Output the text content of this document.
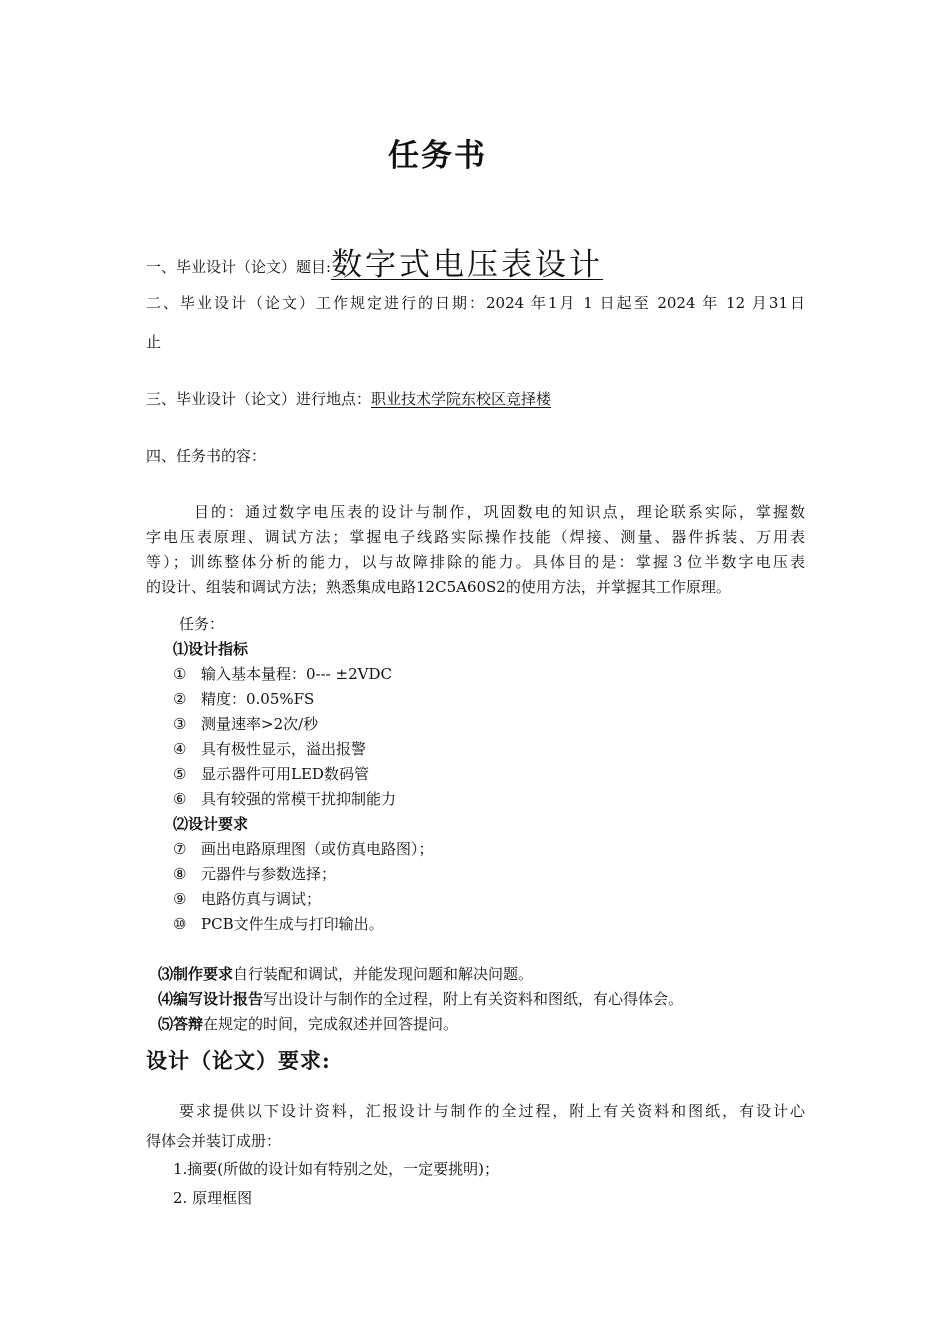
任务书
一、毕业设计（论文）题目:数字式电压表设计
二、毕业设计（论文）工作规定进行的日期：2024 年1月 1 日起至 2024 年 12 月31日
止
三、毕业设计（论文）进行地点：职业技术学院东校区竞择楼
四、任务书的容：
目的：通过数字电压表的设计与制作，巩固数电的知识点，理论联系实际，掌握数
字电压表原理、调试方法；掌握电子线路实际操作技能（焊接、测量、器件拆装、万用表
等）；训练整体分析的能力，以与故障排除的能力。具体目的是：掌握３位半数字电压表
的设计、组装和调试方法；熟悉集成电路12C5A60S2的使用方法，并掌握其工作原理。
任务：
⑴设计指标
① 输入基本量程：0--- ±2VDC
② 精度：0.05%FS
③ 测量速率>2次/秒
④ 具有极性显示，溢出报警
⑤ 显示器件可用LED数码管
⑥ 具有较强的常模干扰抑制能力
⑵设计要求
⑦ 画出电路原理图（或仿真电路图）；
⑧ 元器件与参数选择；
⑨ 电路仿真与调试；
⑩ PCB文件生成与打印输出。
⑶制作要求自行装配和调试，并能发现问题和解决问题。
⑷编写设计报告写出设计与制作的全过程，附上有关资料和图纸，有心得体会。
⑸答辩在规定的时间，完成叙述并回答提问。
设计（论文）要求:
要求提供以下设计资料，汇报设计与制作的全过程，附上有关资料和图纸，有设计心
得体会并装订成册：
1.摘要(所做的设计如有特别之处，一定要挑明)；
2. 原理框图
